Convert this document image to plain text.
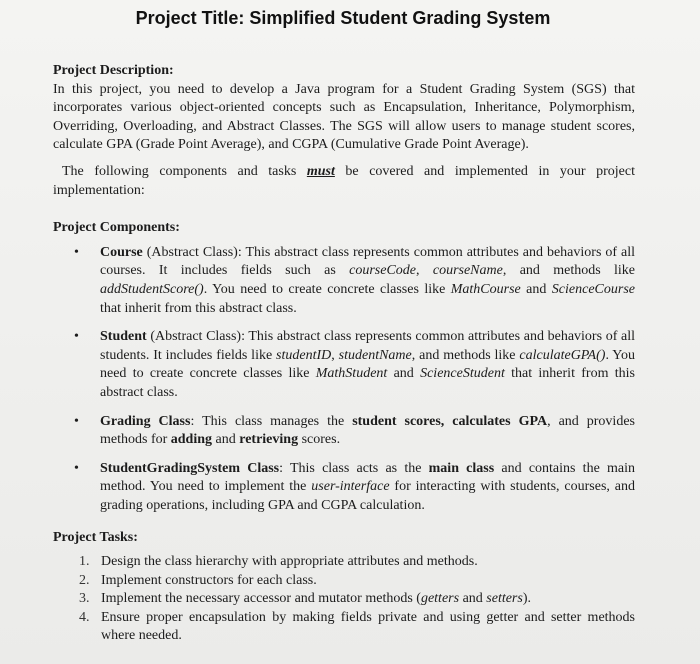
Project Title: Simplified Student Grading System

Project Description:

In this project, you need to develop a Java program for a Student Grading System (SGS) that incorporates various object-oriented concepts such as Encapsulation, Inheritance, Polymorphism, Overriding, Overloading, and Abstract Classes. The SGS will allow users to manage student scores, calculate GPA (Grade Point Average), and CGPA (Cumulative Grade Point Average).

The following components and tasks must be covered and implemented in your project implementation:

Project Components:

• Course (Abstract Class): This abstract class represents common attributes and behaviors of all courses. It includes fields such as courseCode, courseName, and methods like addStudentScore(). You need to create concrete classes like MathCourse and ScienceCourse that inherit from this abstract class.
• Student (Abstract Class): This abstract class represents common attributes and behaviors of all students. It includes fields like studentID, studentName, and methods like calculateGPA(). You need to create concrete classes like MathStudent and ScienceStudent that inherit from this abstract class.
• Grading Class: This class manages the student scores, calculates GPA, and provides methods for adding and retrieving scores.
• StudentGradingSystem Class: This class acts as the main class and contains the main method. You need to implement the user-interface for interacting with students, courses, and grading operations, including GPA and CGPA calculation.

Project Tasks:

1. Design the class hierarchy with appropriate attributes and methods.
2. Implement constructors for each class.
3. Implement the necessary accessor and mutator methods (getters and setters).
4. Ensure proper encapsulation by making fields private and using getter and setter methods where needed.
